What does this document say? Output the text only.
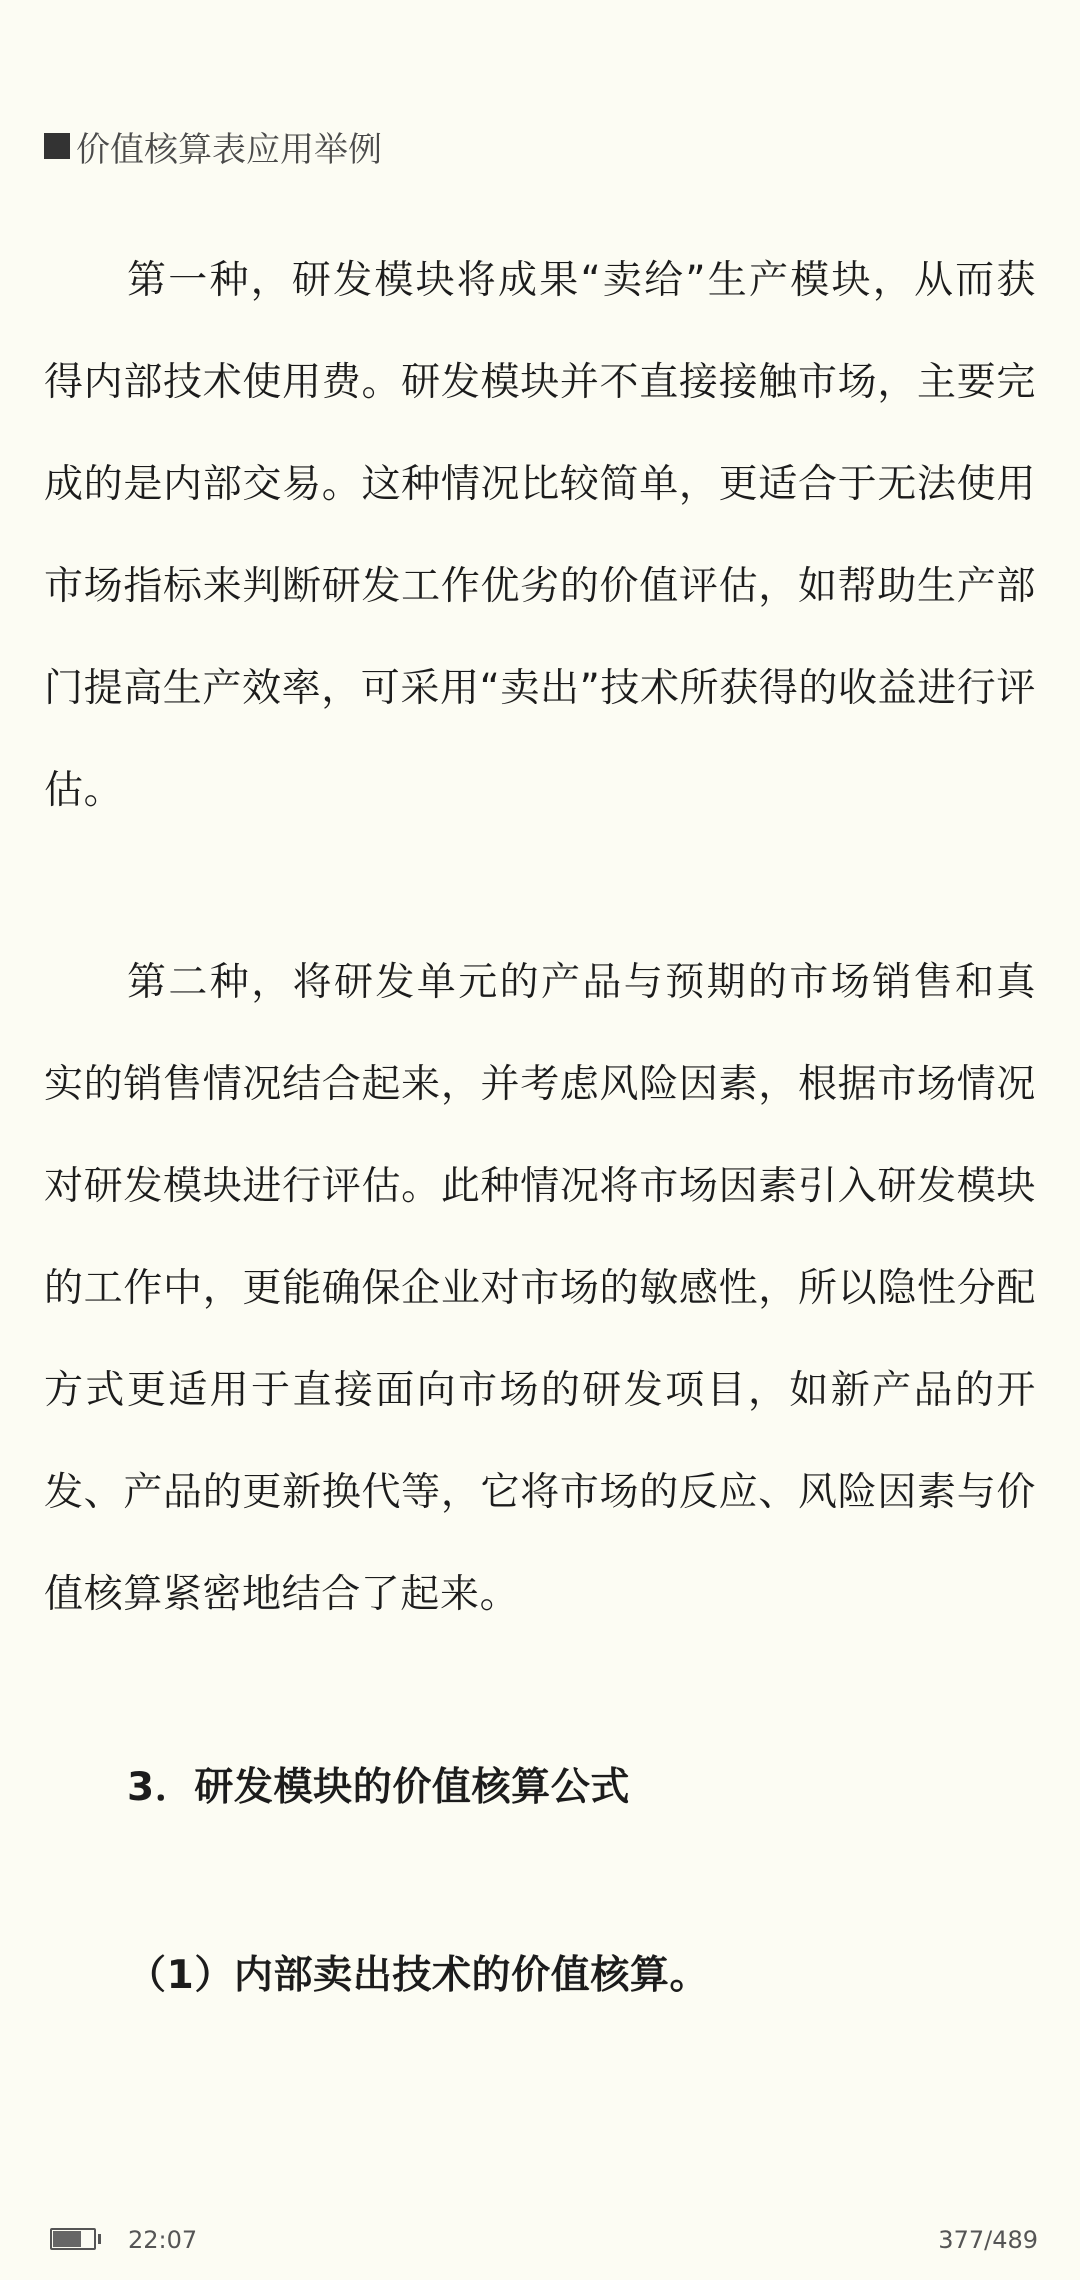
价值核算表应用举例

第一种，研发模块将成果“卖给”生产模块，从而获得内部技术使用费。研发模块并不直接接触市场，主要完成的是内部交易。这种情况比较简单，更适合于无法使用市场指标来判断研发工作优劣的价值评估，如帮助生产部门提高生产效率，可采用“卖出”技术所获得的收益进行评估。

第二种，将研发单元的产品与预期的市场销售和真实的销售情况结合起来，并考虑风险因素，根据市场情况对研发模块进行评估。此种情况将市场因素引入研发模块的工作中，更能确保企业对市场的敏感性，所以隐性分配方式更适用于直接面向市场的研发项目，如新产品的开发、产品的更新换代等，它将市场的反应、风险因素与价值核算紧密地结合了起来。

3．研发模块的价值核算公式
（1）内部卖出技术的价值核算。
22:07	377/489
